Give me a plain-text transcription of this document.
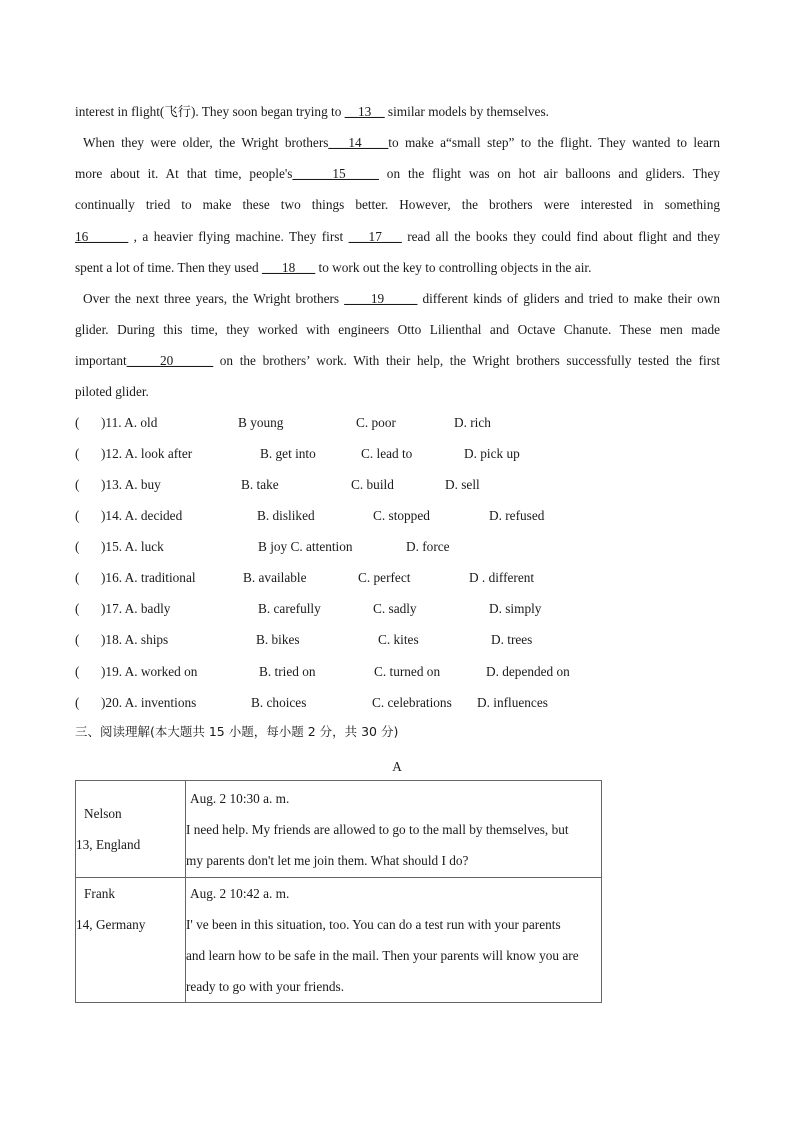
interest in flight(飞行). They soon began trying to __13__ similar models by themselves.
When they were older, the Wright brothers___14____to make a“small step” to the flight. They wanted to learn
more about it. At that time, people's______15_____ on the flight was on hot air balloons and gliders. They
continually tried to make these two things better. However, the brothers were interested in something
16______ , a heavier flying machine. They first ___17___ read all the books they could find about flight and they
spent a lot of time. Then they used ___18___ to work out the key to controlling objects in the air.
Over the next three years, the Wright brothers ____19_____ different kinds of gliders and tried to make their own
glider. During this time, they worked with engineers Otto Lilienthal and Octave Chanute. These men made
important_____20______ on the brothers’ work. With their help, the Wright brothers successfully tested the first
piloted glider.
( )11. A. old	B young	C. poor	D. rich
( )12. A. look after	B. get into	C. lead to	D. pick up
( )13. A. buy	B. take	C. build	D. sell
( )14. A. decided	B. disliked	C. stopped	D. refused
( )15. A. luck	B joy C. attention	D. force
( )16. A. traditional	B. available	C. perfect	D . different
( )17. A. badly	B. carefully	C. sadly	D. simply
( )18. A. ships	B. bikes	C. kites	D. trees
( )19. A. worked on	B. tried on	C. turned on	D. depended on
( )20. A. inventions	B. choices	C. celebrations D. influences
三、阅读理解(本大题共 15 小题，每小题 2 分，共 30 分)
A
Nelson
13, England	Aug. 2 10:30 a. m.
I need help. My friends are allowed to go to the mall by themselves, but
my parents don't let me join them. What should I do?

Frank
14, Germany	Aug. 2 10:42 a. m.
I' ve been in this situation, too. You can do a test run with your parents
and learn how to be safe in the mail. Then your parents will know you are
ready to go with your friends.
